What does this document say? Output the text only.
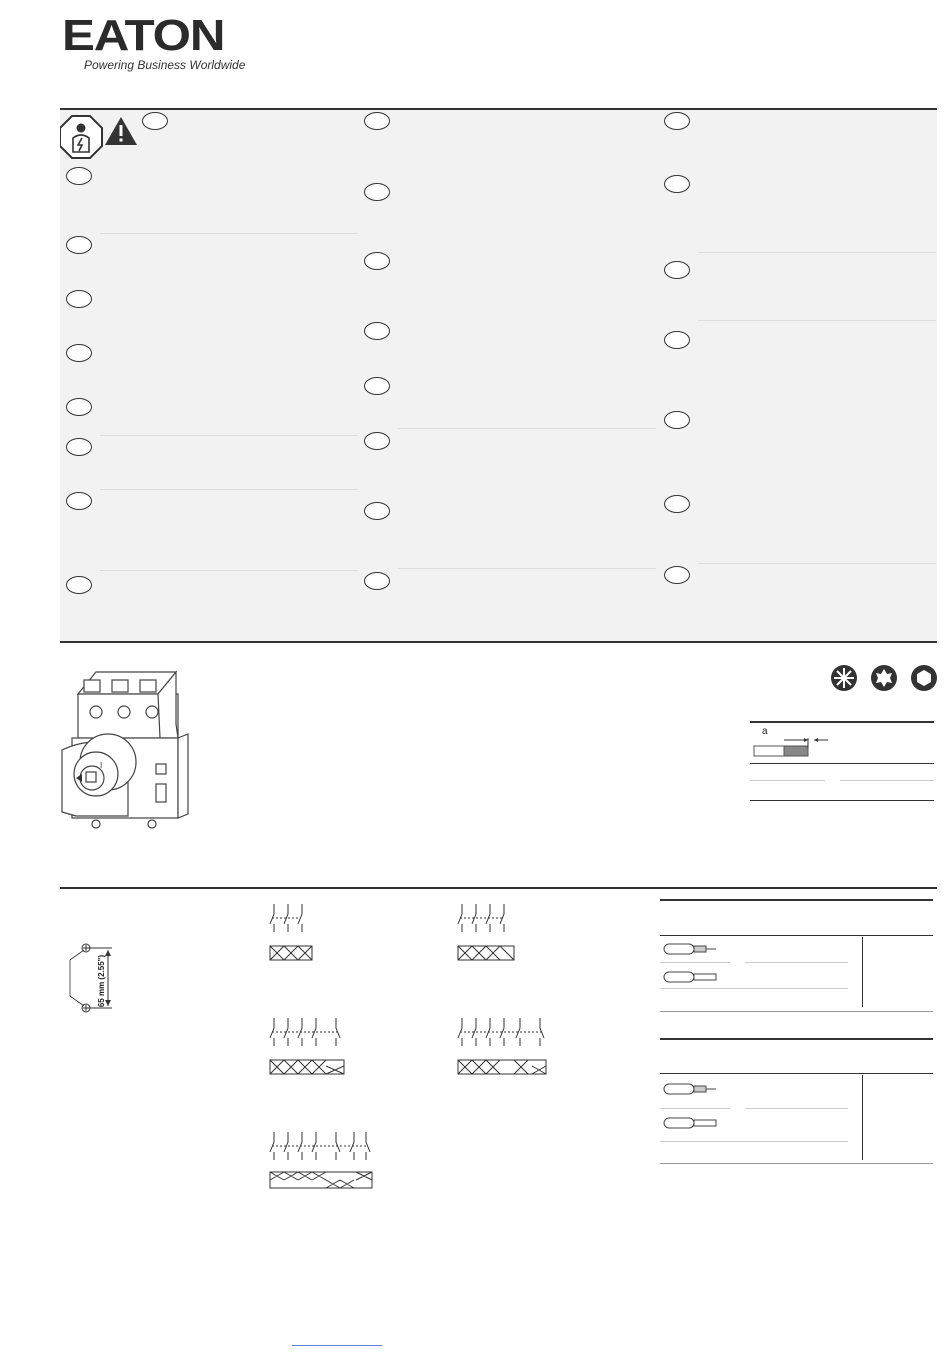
EATON
Powering Business Worldwide
I
a
65 mm (2.55")
